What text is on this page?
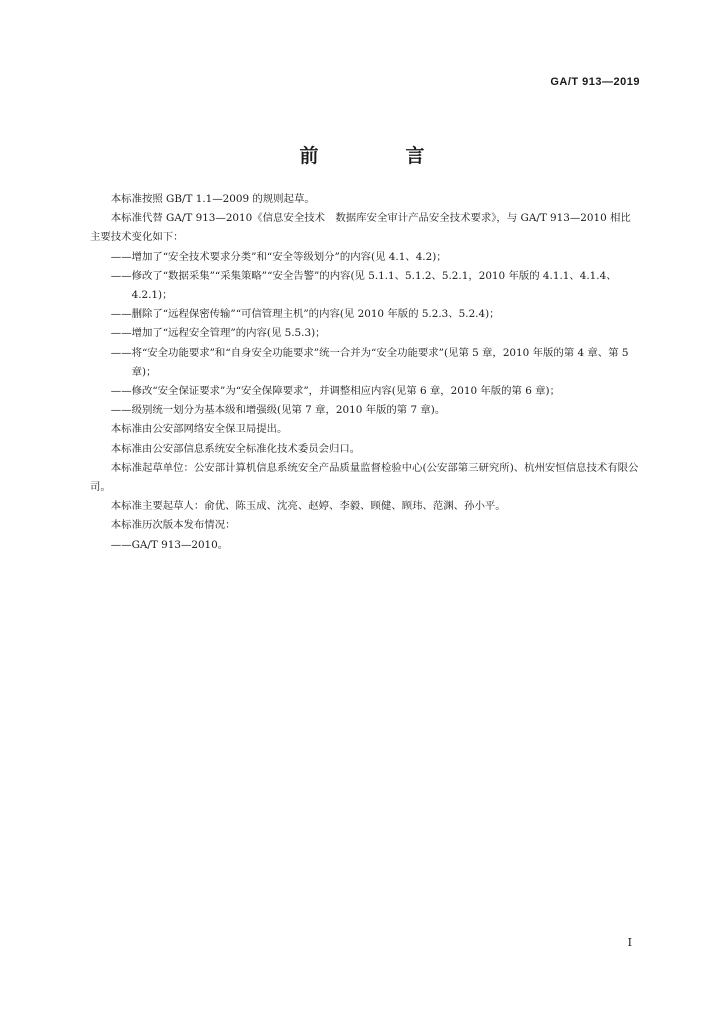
GA/T 913—2019
前　言

本标准按照 GB/T 1.1—2009 的规则起草。

本标准代替 GA/T 913—2010《信息安全技术　数据库安全审计产品安全技术要求》，与 GA/T 913—2010 相比主要技术变化如下：

——增加了“安全技术要求分类”和“安全等级划分”的内容(见 4.1、4.2)；

——修改了“数据采集”“采集策略”“安全告警”的内容(见 5.1.1、5.1.2、5.2.1，2010 年版的 4.1.1、4.1.4、4.2.1)；

——删除了“远程保密传输”“可信管理主机”的内容(见 2010 年版的 5.2.3、5.2.4)；

——增加了“远程安全管理”的内容(见 5.5.3)；

——将“安全功能要求”和“自身安全功能要求”统一合并为“安全功能要求”(见第 5 章，2010 年版的第 4 章、第 5 章)；

——修改“安全保证要求”为“安全保障要求”，并调整相应内容(见第 6 章，2010 年版的第 6 章)；

——级别统一划分为基本级和增强级(见第 7 章，2010 年版的第 7 章)。

本标准由公安部网络安全保卫局提出。

本标准由公安部信息系统安全标准化技术委员会归口。

本标准起草单位：公安部计算机信息系统安全产品质量监督检验中心(公安部第三研究所)、杭州安恒信息技术有限公司。

本标准主要起草人：俞优、陈玉成、沈亮、赵婷、李毅、顾健、顾玮、范渊、孙小平。

本标准历次版本发布情况：

——GA/T 913—2010。

I
